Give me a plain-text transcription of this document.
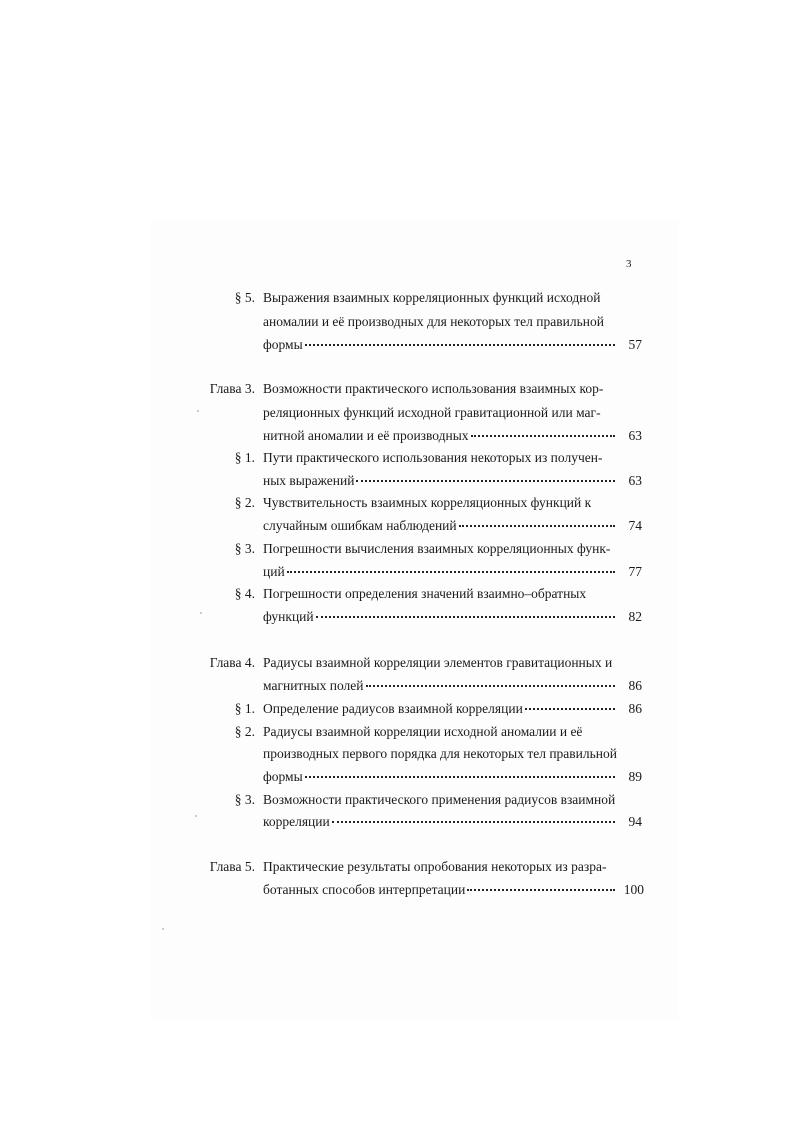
3
§ 5. Выражения взаимных корреляционных функций исходной
аномалии и её производных для некоторых тел правильной
формы	57
Глава 3. Возможности практического использования взаимных кор-
реляционных функций исходной гравитационной или маг-
нитной аномалии и её производных	63
§ 1. Пути практического использования некоторых из получен-
ных выражений	63
§ 2. Чувствительность взаимных корреляционных функций к
случайным ошибкам наблюдений	74
§ 3. Погрешности вычисления взаимных корреляционных функ-
ций	77
§ 4. Погрешности определения значений взаимно–обратных
функций	82
Глава 4. Радиусы взаимной корреляции элементов гравитационных и
магнитных полей	86
§ 1. Определение радиусов взаимной корреляции	86
§ 2. Радиусы взаимной корреляции исходной аномалии и её
производных первого порядка для некоторых тел правильной
формы	89
§ 3. Возможности практического применения радиусов взаимной
корреляции	94
Глава 5. Практические результаты опробования некоторых из разра-
ботанных способов интерпретации	100
